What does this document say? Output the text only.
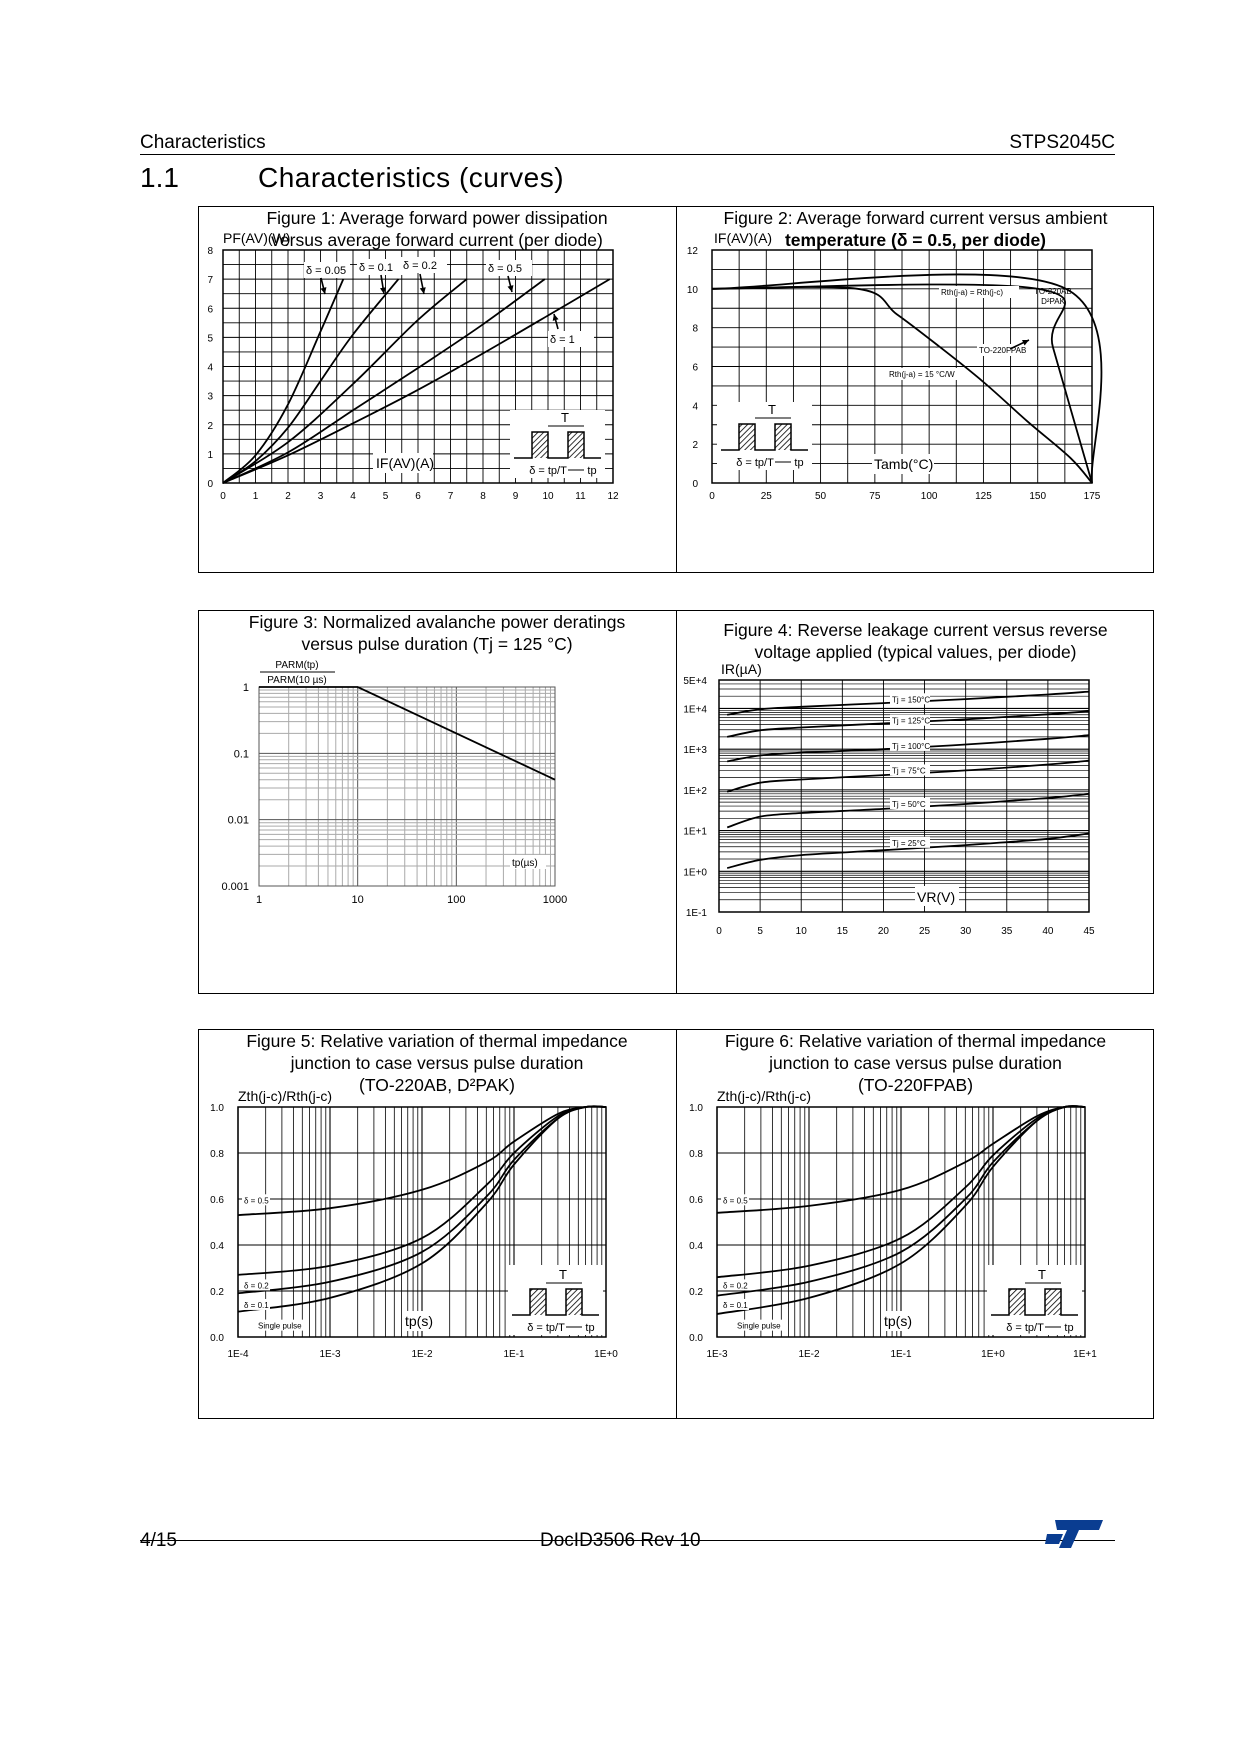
Characteristics	STPS2045C
1.1	Characteristics (curves)
Figure 1: Average forward power dissipation
versus average forward current (per diode)
0	1	2	3	4	5	6	7	8	9 10 11 12
0
1
2
3
4
5
6
7
8
PF(AV)(W)
IF(AV)(A)
δ = 0.05 δ = 0.1 δ = 0.2	δ = 0.5
δ = 1
T
δ = tp/T tp
Figure 2: Average forward current versus ambient
temperature (δ = 0.5, per diode)
0	25	50	75	100	125	150	175
0
2
4
6
8
10
12
IF(AV)(A)
Tamb(°C)
Rth(j-a) = Rth(j-c)	TO-220AB
D²PAK
TO-220FPAB
Rth(j-a) = 15 °C/W
T
δ = tp/T tp
Figure 3: Normalized avalanche power deratings
versus pulse duration (Tj = 125 °C)
1	10	100	1000
0.001
0.01
0.1
1
PARM(tp)
PARM(10 µs)
tp(µs)
Figure 4: Reverse leakage current versus reverse
voltage applied (typical values, per diode)
0	5	10	15	20	25	30	35	40	45
1E-1
1E+0
1E+1
1E+2
1E+3
1E+4
5E+4
IR(µA)
VR(V)
Tj = 150°C
Tj = 125°C
Tj = 100°C
Tj = 75°C
Tj = 50°C
Tj = 25°C
Figure 5: Relative variation of thermal impedance
junction to case versus pulse duration
(TO-220AB, D²PAK)
1E-4	1E-3	1E-2	1E-1	1E+0
0.0
0.2
0.4
0.6
0.8
1.0
Zth(j-c)/Rth(j-c)
δ = 0.5
δ = 0.2
δ = 0.1
Single pulse	tp(s)
T
δ = tp/T tp
Figure 6: Relative variation of thermal impedance
junction to case versus pulse duration
(TO-220FPAB)
1E-3	1E-2	1E-1	1E+0	1E+1
0.0
0.2
0.4
0.6
0.8
1.0
Zth(j-c)/Rth(j-c)
δ = 0.5
δ = 0.2
δ = 0.1
Single pulse	tp(s)
T
δ = tp/T tp
4/15	DocID3506 Rev 10
